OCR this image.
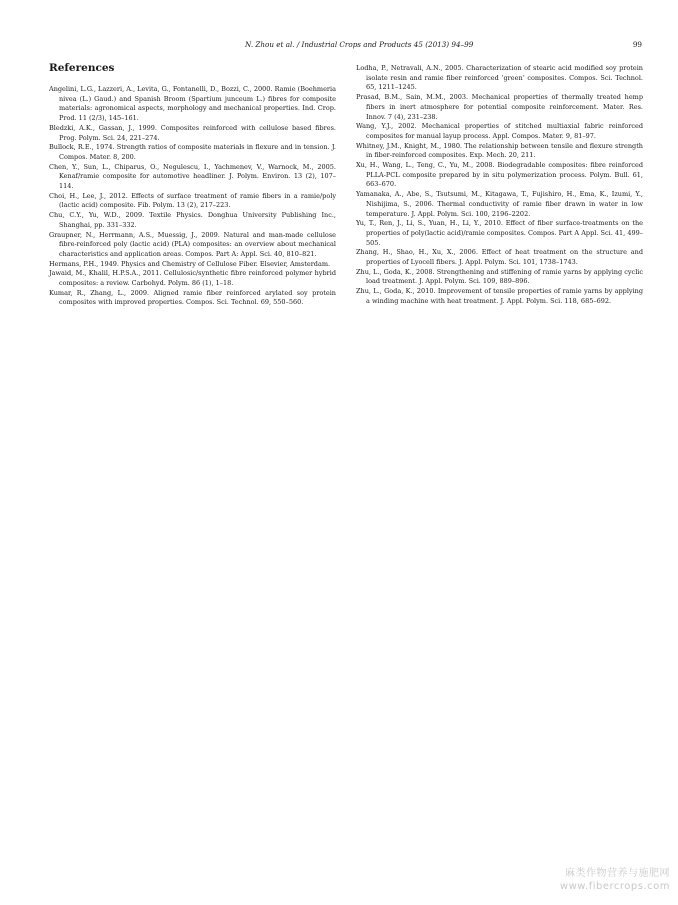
N. Zhou et al. / Industrial Crops and Products 45 (2013) 94–99	99
References
Angelini, L.G., Lazzeri, A., Levita, G., Fontanelli, D., Bozzi, C., 2000. Ramie (Boehmeria nivea (L.) Gaud.) and Spanish Broom (Spartium junceum L.) fibres for composite materials: agronomical aspects, morphology and mechanical properties. Ind. Crop. Prod. 11 (2/3), 145–161.
Bledzki, A.K., Gassan, J., 1999. Composites reinforced with cellulose based fibres. Prog. Polym. Sci. 24, 221–274.
Bullock, R.E., 1974. Strength ratios of composite materials in flexure and in tension. J. Compos. Mater. 8, 200.
Chen, Y., Sun, L., Chiparus, O., Negulescu, I., Yachmenev, V., Warnock, M., 2005. Kenaf/ramie composite for automotive headliner. J. Polym. Environ. 13 (2), 107–114.
Choi, H., Lee, J., 2012. Effects of surface treatment of ramie fibers in a ramie/poly (lactic acid) composite. Fib. Polym. 13 (2), 217–223.
Chu, C.Y., Yu, W.D., 2009. Textile Physics. Donghua University Publishing Inc., Shanghai, pp. 331–332.
Graupner, N., Herrmann, A.S., Muessig, J., 2009. Natural and man-made cellulose fibre-reinforced poly (lactic acid) (PLA) composites: an overview about mechanical characteristics and application areas. Compos. Part A: Appl. Sci. 40, 810–821.
Hermans, P.H., 1949. Physics and Chemistry of Cellulose Fiber. Elsevier, Amsterdam.
Jawaid, M., Khalil, H.P.S.A., 2011. Cellulosic/synthetic fibre reinforced polymer hybrid composites: a review. Carbohyd. Polym. 86 (1), 1–18.
Kumar, R., Zhang, L., 2009. Aligned ramie fiber reinforced arylated soy protein composites with improved properties. Compos. Sci. Technol. 69, 550–560.
Lodha, P., Netravali, A.N., 2005. Characterization of stearic acid modified soy protein isolate resin and ramie fiber reinforced ‘green’ composites. Compos. Sci. Technol. 65, 1211–1245.
Prasad, B.M., Sain, M.M., 2003. Mechanical properties of thermally treated hemp fibers in inert atmosphere for potential composite reinforcement. Mater. Res. Innov. 7 (4), 231–238.
Wang, Y.J., 2002. Mechanical properties of stitched multiaxial fabric reinforced composites for manual layup process. Appl. Compos. Mater. 9, 81–97.
Whitney, J.M., Knight, M., 1980. The relationship between tensile and flexure strength in fiber-reinforced composites. Exp. Mech. 20, 211.
Xu, H., Wang, L., Teng, C., Yu, M., 2008. Biodegradable composites: fibre reinforced PLLA-PCL composite prepared by in situ polymerization process. Polym. Bull. 61, 663–670.
Yamanaka, A., Abe, S., Tsutsumi, M., Kitagawa, T., Fujishiro, H., Ema, K., Izumi, Y., Nishijima, S., 2006. Thermal conductivity of ramie fiber drawn in water in low temperature. J. Appl. Polym. Sci. 100, 2196–2202.
Yu, T., Ren, J., Li, S., Yuan, H., Li, Y., 2010. Effect of fiber surface-treatments on the properties of poly(lactic acid)/ramie composites. Compos. Part A Appl. Sci. 41, 499–505.
Zhang, H., Shao, H., Xu, X., 2006. Effect of heat treatment on the structure and properties of Lyocell fibers. J. Appl. Polym. Sci. 101, 1738–1743.
Zhu, L., Goda, K., 2008. Strengthening and stiffening of ramie yarns by applying cyclic load treatment. J. Appl. Polym. Sci. 109, 889–896.
Zhu, L., Goda, K., 2010. Improvement of tensile properties of ramie yarns by applying a winding machine with heat treatment. J. Appl. Polym. Sci. 118, 685–692.
麻类作物营养与施肥网
www.fibercrops.com
